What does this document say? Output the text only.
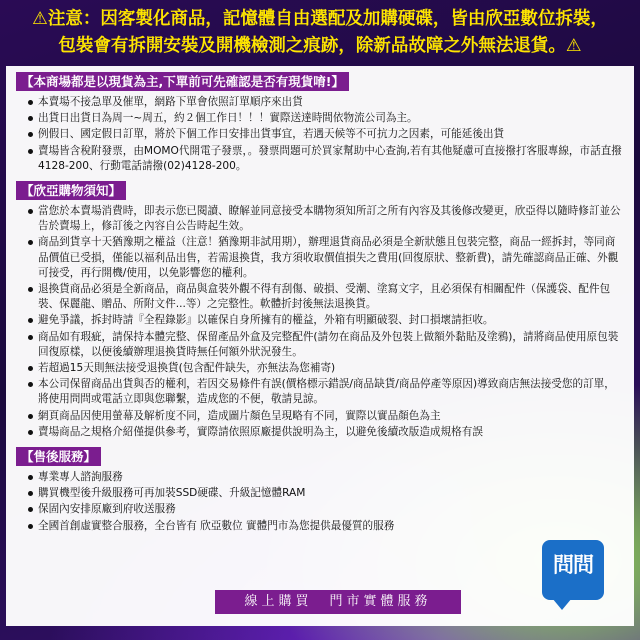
⚠注意：因客製化商品，記憶體自由選配及加購硬碟，皆由欣亞數位拆裝，
包裝會有拆開安裝及開機檢測之痕跡，除新品故障之外無法退貨。⚠
【本商場都是以現貨為主,下單前可先確認是否有現貨唷!】
本賣場不接急單及催單，網路下單會依照訂單順序來出貨
出貨日出貨日為周一~周五，約２個工作日！！！實際送達時間依物流公司為主。
例假日、國定假日訂單，將於下個工作日安排出貨事宜，若遇天候等不可抗力之因素，可能延後出貨
賣場皆含稅附發票，由MOMO代開電子發票，。發票問題可於買家幫助中心查詢,若有其他疑慮可直接撥打客服專線，市話直撥4128-200、行動電話請撥(02)4128-200。
【欣亞購物須知】
當您於本賣場消費時，即表示您已閱讀、瞭解並同意接受本購物須知所訂之所有內容及其後修改變更，欣亞得以隨時修訂並公告於賣場上，修訂後之內容自公告時起生效。
商品到貨享十天猶豫期之權益（注意！猶豫期非試用期），辦理退貨商品必須是全新狀態且包裝完整，商品一經拆封，等同商品價值已受損，僅能以福利品出售，若需退換貨，我方須收取價值損失之費用(回復原狀、整新費)，請先確認商品正確、外觀可接受，再行開機/使用，以免影響您的權利。
退換貨商品必須是全新商品，商品與盒裝外觀不得有刮傷、破損、受潮、塗寫文字，且必須保有相關配件（保護袋、配件包裝、保麗龍、贈品、所附文件...等）之完整性。軟體折封後無法退換貨。
避免爭議，拆封時請『全程錄影』以確保自身所擁有的權益，外箱有明顯破裂、封口損壞請拒收。
商品如有瑕疵，請保持本體完整、保留產品外盒及完整配件(請勿在商品及外包裝上做額外黏貼及塗鴉)，請將商品使用原包裝回復原樣，以便後續辦理退換貨時無任何額外狀況發生。
若超過15天則無法接受退換貨(包含配件缺失，亦無法為您補寄)
本公司保留商品出貨與否的權利，若因交易條件有誤(價格標示錯誤/商品缺貨/商品停產等原因)導致商店無法接受您的訂單，將使用問問或電話立即與您聯繫，造成您的不便，敬請見諒。
網頁商品因使用螢幕及解析度不同，造成圖片顏色呈現略有不同，實際以實品顏色為主
賣場商品之規格介紹僅提供參考，實際請依照原廠提供說明為主，以避免後續改版造成規格有誤
【售後服務】
專業專人諮詢服務
購買機型後升級服務可再加裝SSD硬碟、升級記憶體RAM
保固內安排原廠到府收送服務
全國首創虛實整合服務，全台皆有 欣亞數位 實體門市為您提供最優質的服務
問問
線上購買　門市實體服務
